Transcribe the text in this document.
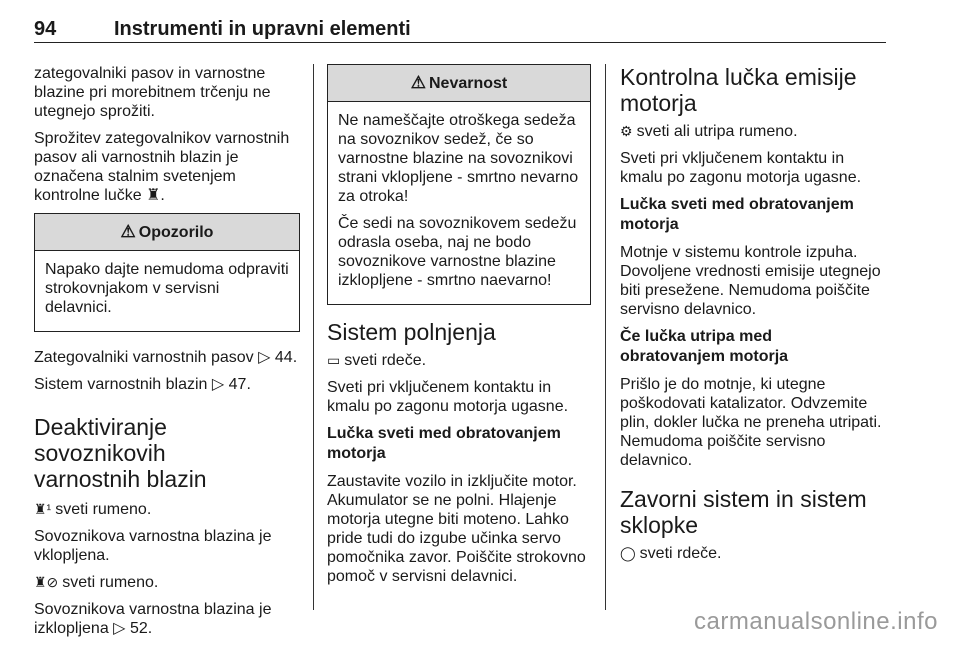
94	Instrumenti in upravni elementi

zategovalniki pasov in varnostne
blazine pri morebitnem trčenju ne
utegnejo sprožiti.

Sprožitev zategovalnikov varnostnih
pasov ali varnostnih blazin je
označena stalnim svetenjem
kontrolne lučke ♜.

⚠ Opozorilo

Napako dajte nemudoma odpraviti
strokovnjakom v servisni
delavnici.

Zategovalniki varnostnih pasov ▷ 44.

Sistem varnostnih blazin ▷ 47.

Deaktiviranje sovoznikovih
varnostnih blazin

♜¹ sveti rumeno.

Sovoznikova varnostna blazina je
vklopljena.

♜⊘ sveti rumeno.

Sovoznikova varnostna blazina je
izklopljena ▷ 52.

⚠ Nevarnost

Ne nameščajte otroškega sedeža
na sovoznikov sedež, če so
varnostne blazine na sovoznikovi
strani vklopljene - smrtno nevarno
za otroka!

Če sedi na sovoznikovem sedežu
odrasla oseba, naj ne bodo
sovoznikove varnostne blazine
izklopljene - smrtno naevarno!

Sistem polnjenja

▭ sveti rdeče.

Sveti pri vključenem kontaktu in
kmalu po zagonu motorja ugasne.

Lučka sveti med obratovanjem
motorja

Zaustavite vozilo in izključite motor.
Akumulator se ne polni. Hlajenje
motorja utegne biti moteno. Lahko
pride tudi do izgube učinka servo
pomočnika zavor. Poiščite strokovno
pomoč v servisni delavnici.

Kontrolna lučka emisije
motorja

⚙ sveti ali utripa rumeno.

Sveti pri vključenem kontaktu in
kmalu po zagonu motorja ugasne.

Lučka sveti med obratovanjem
motorja

Motnje v sistemu kontrole izpuha.
Dovoljene vrednosti emisije utegnejo
biti presežene. Nemudoma poiščite
servisno delavnico.

Če lučka utripa med
obratovanjem motorja

Prišlo je do motnje, ki utegne
poškodovati katalizator. Odvzemite
plin, dokler lučka ne preneha utripati.
Nemudoma poiščite servisno
delavnico.

Zavorni sistem in sistem
sklopke

◯ sveti rdeče.

carmanualsonline.info
